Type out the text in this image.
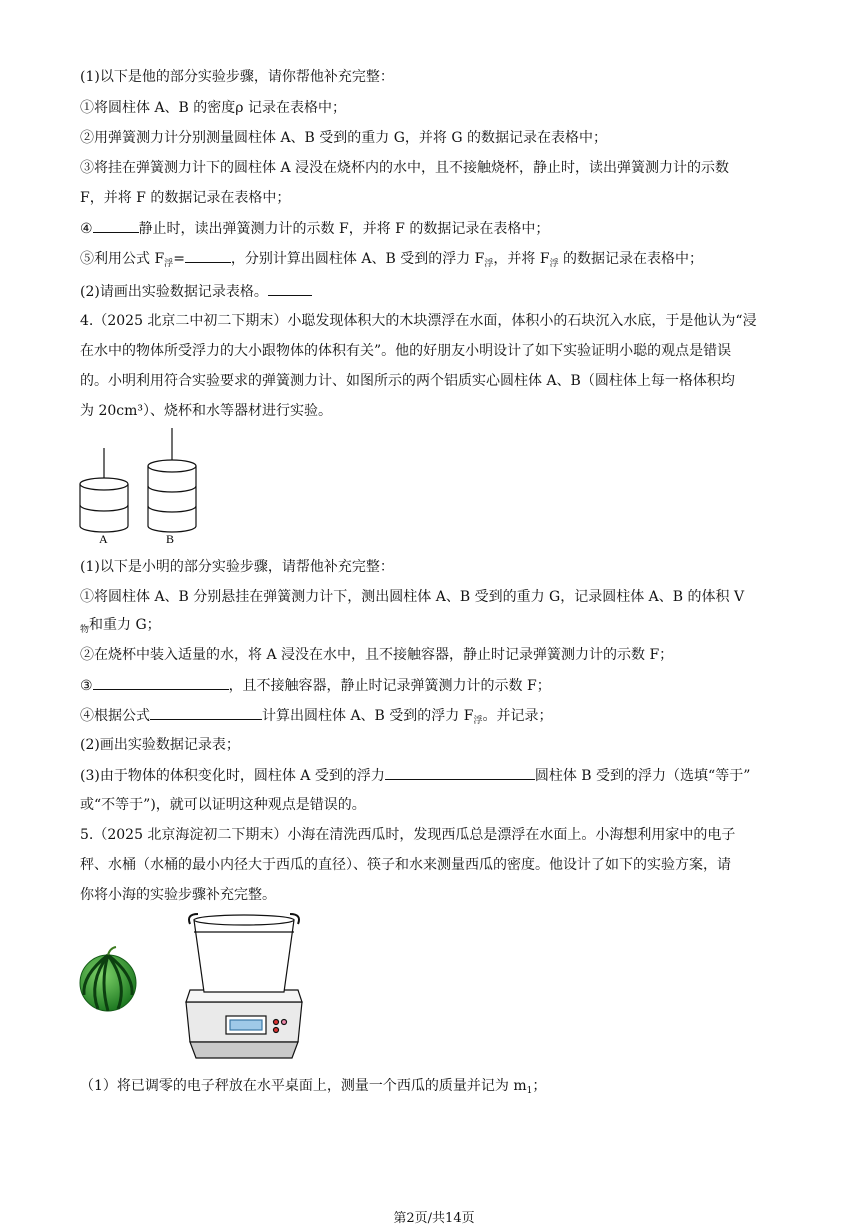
(1)以下是他的部分实验步骤，请你帮他补充完整：
①将圆柱体 A、B 的密度ρ 记录在表格中；
②用弹簧测力计分别测量圆柱体 A、B 受到的重力 G，并将 G 的数据记录在表格中；
③将挂在弹簧测力计下的圆柱体 A 浸没在烧杯内的水中，且不接触烧杯，静止时，读出弹簧测力计的示数
F，并将 F 的数据记录在表格中；
④	静止时，读出弹簧测力计的示数 F，并将 F 的数据记录在表格中；
⑤利用公式 $F_浮=$	，分别计算出圆柱体 A、B 受到的浮力 $F_浮$，并将 $F_浮$ 的数据记录在表格中；
(2)请画出实验数据记录表格。
4.（2025 北京二中初二下期末）小聪发现体积大的木块漂浮在水面，体积小的石块沉入水底，于是他认为“浸
在水中的物体所受浮力的大小跟物体的体积有关”。他的好朋友小明设计了如下实验证明小聪的观点是错误
的。小明利用符合实验要求的弹簧测力计、如图所示的两个铝质实心圆柱体 A、B（圆柱体上每一格体积均
为 20cm³）、烧杯和水等器材进行实验。
A	B
(1)以下是小明的部分实验步骤，请帮他补充完整：
①将圆柱体 A、B 分别悬挂在弹簧测力计下，测出圆柱体 A、B 受到的重力 G，记录圆柱体 A、B 的体积 V
$_物$和重力 G；
②在烧杯中装入适量的水，将 A 浸没在水中，且不接触容器，静止时记录弹簧测力计的示数 F；
③	，且不接触容器，静止时记录弹簧测力计的示数 F；
④根据公式	计算出圆柱体 A、B 受到的浮力 $F_浮$。并记录；
(2)画出实验数据记录表；
(3)由于物体的体积变化时，圆柱体 A 受到的浮力	圆柱体 B 受到的浮力（选填“等于”
或“不等于”)，就可以证明这种观点是错误的。
5.（2025 北京海淀初二下期末）小海在清洗西瓜时，发现西瓜总是漂浮在水面上。小海想利用家中的电子
秤、水桶（水桶的最小内径大于西瓜的直径）、筷子和水来测量西瓜的密度。他设计了如下的实验方案，请
你将小海的实验步骤补充完整。
（1）将已调零的电子秤放在水平桌面上，测量一个西瓜的质量并记为 $m_1$；
第2页/共14页
